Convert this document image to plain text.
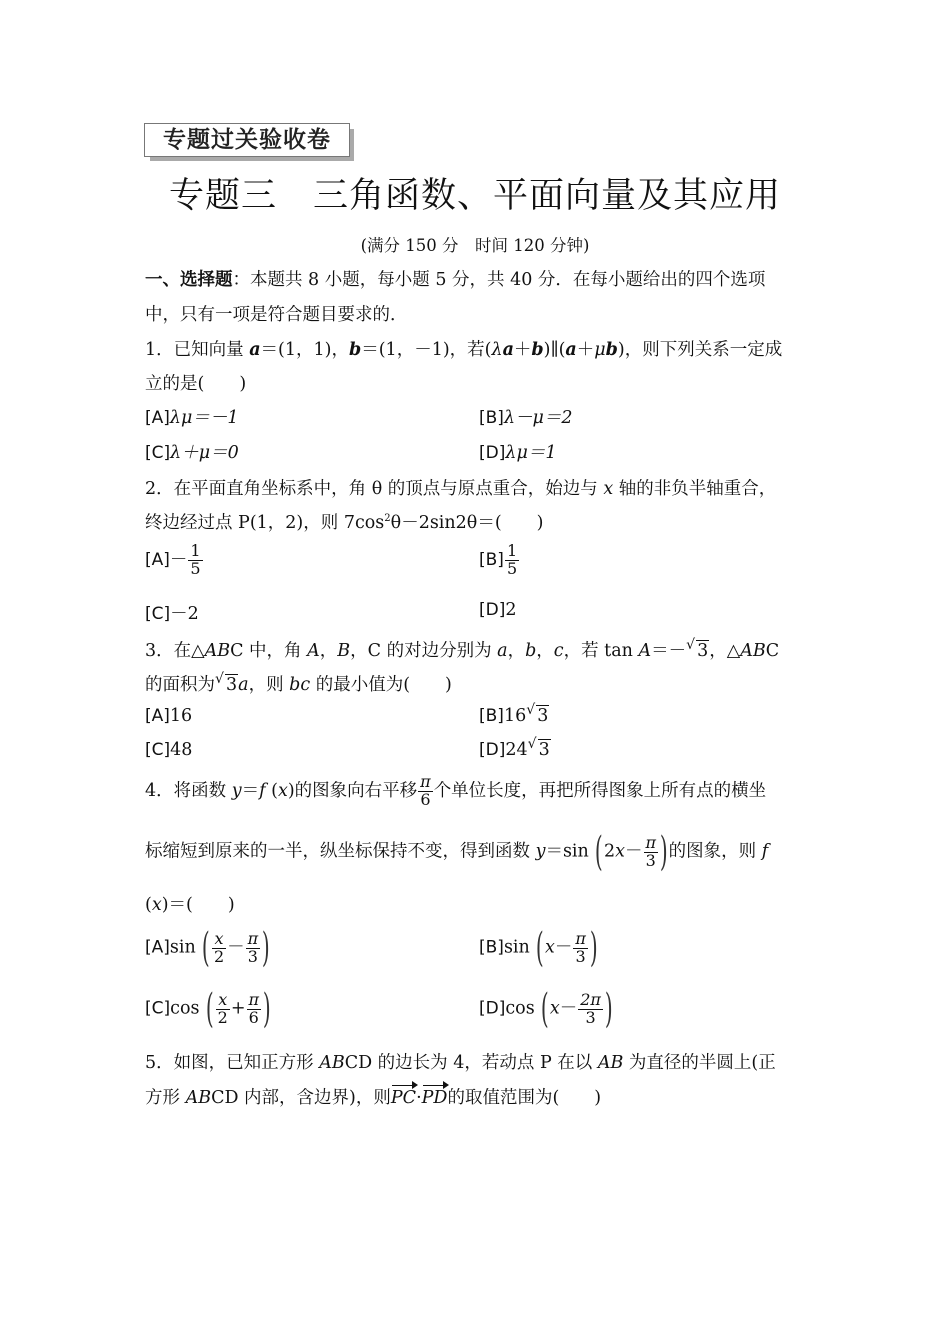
专题过关验收卷
专题三　三角函数、平面向量及其应用
(满分 150 分　时间 120 分钟)
一、选择题：本题共 8 小题，每小题 5 分，共 40 分．在每小题给出的四个选项
中，只有一项是符合题目要求的．
1．已知向量 a＝(1，1)，b＝(1，－1)，若(λa＋b)∥(a＋μb)，则下列关系一定成
立的是(　　)
[A]λμ＝－1	[B]λ－μ＝2
[C]λ＋μ＝0	[D]λμ＝1
2．在平面直角坐标系中，角 θ 的顶点与原点重合，始边与 x 轴的非负半轴重合，
终边经过点 P(1，2)，则 $7\cos^2\theta-2\sin 2\theta=$(　　)
$[A]- \frac{1}{5}$	$[B] \frac{1}{5}$
[C]－2	[D]2
3．在△ABC 中，角 A，B，C 的对边分别为 a，b，c，若 tan A＝－ √ 3，△ABC
的面积为 √ 3a，则 bc 的最小值为(　　)
[A]16	[B]16 √ 3
[C]48	[D]24 √ 3
4．将函数 y＝f (x)的图象向右平移 $\frac{\pi}{6}$ 个单位长度，再把所得图象上所有点的横坐
标缩短到原来的一半，纵坐标保持不变，得到函数 y＝sin ($2x- \frac{\pi}{3}$ )的图象，则 f
(x)＝(　　)
[A]sin ( $\frac{x}{2} - \frac{\pi}{3}$ )	[B]sin ($x- \frac{\pi}{3}$ )
[C]cos ( $\frac{x}{2} + \frac{\pi}{6}$ )	[D]cos ($x- \frac{2\pi}{3}$ )
5．如图，已知正方形 ABCD 的边长为 4，若动点 P 在以 AB 为直径的半圆上(正
方形 ABCD 内部，含边界)，则PC·PD的取值范围为(　　)
